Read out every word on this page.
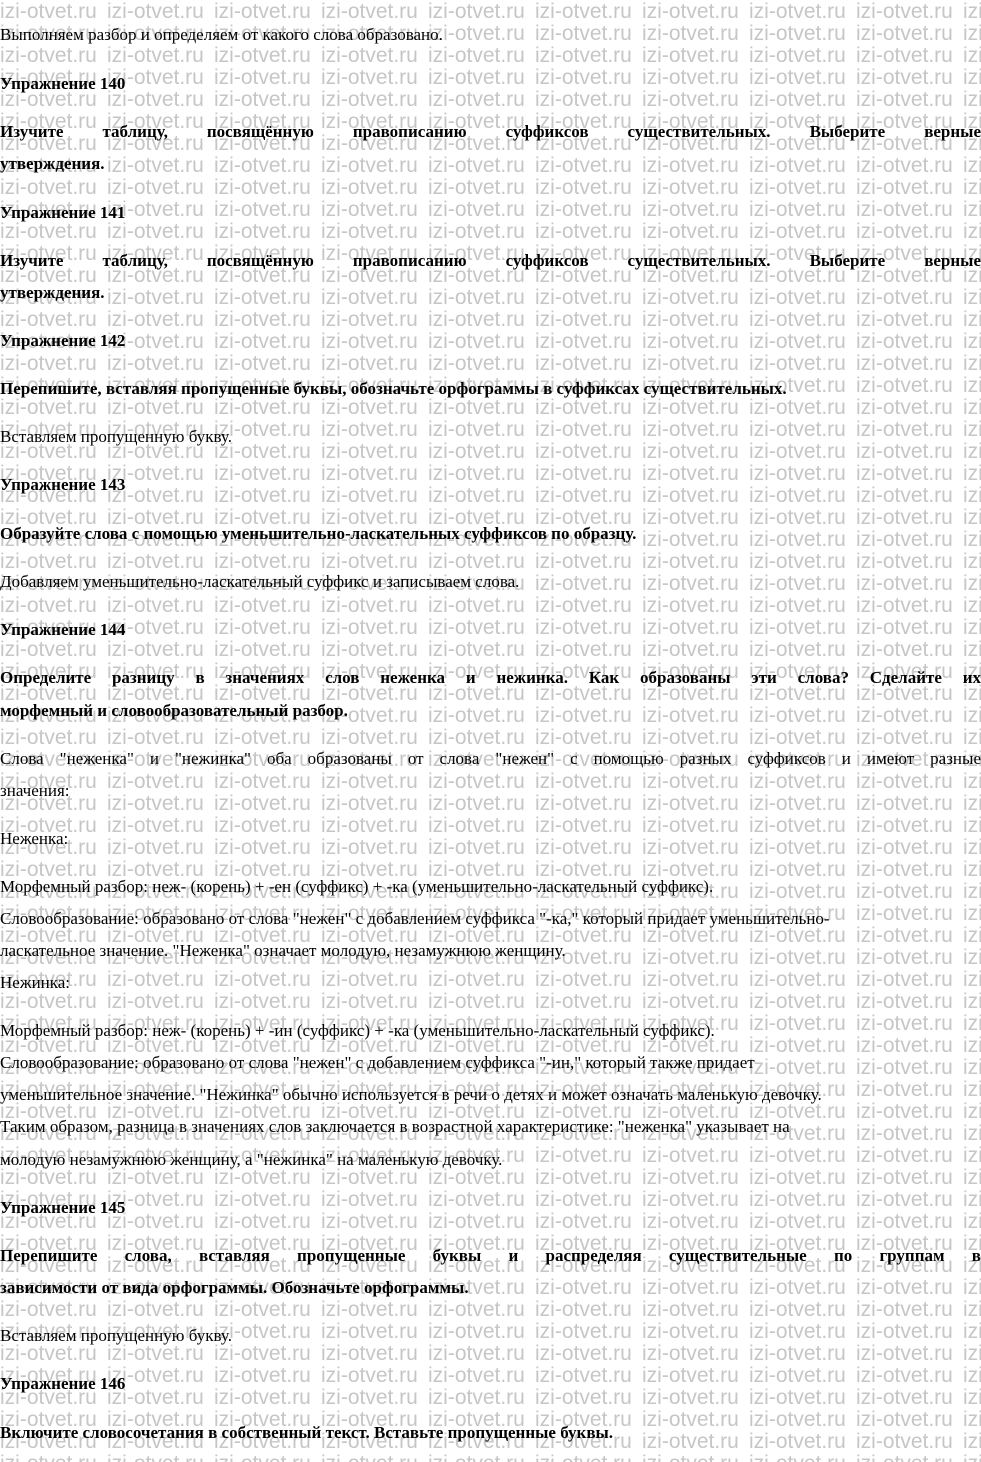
Выполняем разбор и определяем от какого слова образовано.

Упражнение 140

Изучите таблицу, посвящённую правописанию суффиксов существительных. Выберите верные

утверждения.

Упражнение 141

Изучите таблицу, посвящённую правописанию суффиксов существительных. Выберите верные

утверждения.

Упражнение 142

Перепишите, вставляя пропущенные буквы, обозначьте орфограммы в суффиксах существительных.

Вставляем пропущенную букву.

Упражнение 143

Образуйте слова с помощью уменьшительно-ласкательных суффиксов по образцу.

Добавляем уменьшительно-ласкательный суффикс и записываем слова.

Упражнение 144

Определите разницу в значениях слов неженка и нежинка. Как образованы эти слова? Сделайте их

морфемный и словообразовательный разбор.

Слова "неженка" и "нежинка" оба образованы от слова "нежен" с помощью разных суффиксов и имеют разные

значения:

Неженка:

Морфемный разбор: неж- (корень) + -ен (суффикс) + -ка (уменьшительно-ласкательный суффикс).

Словообразование: образовано от слова "нежен" с добавлением суффикса "-ка," который придает уменьшительно-

ласкательное значение. "Неженка" означает молодую, незамужнюю женщину.

Нежинка:

Морфемный разбор: неж- (корень) + -ин (суффикс) + -ка (уменьшительно-ласкательный суффикс).

Словообразование: образовано от слова "нежен" с добавлением суффикса "-ин," который также придает

уменьшительное значение. "Нежинка" обычно используется в речи о детях и может означать маленькую девочку.

Таким образом, разница в значениях слов заключается в возрастной характеристике: "неженка" указывает на

молодую незамужнюю женщину, а "нежинка" на маленькую девочку.

Упражнение 145

Перепишите слова, вставляя пропущенные буквы и распределяя существительные по группам в

зависимости от вида орфограммы. Обозначьте орфограммы.

Вставляем пропущенную букву.

Упражнение 146

Включите словосочетания в собственный текст. Вставьте пропущенные буквы.
